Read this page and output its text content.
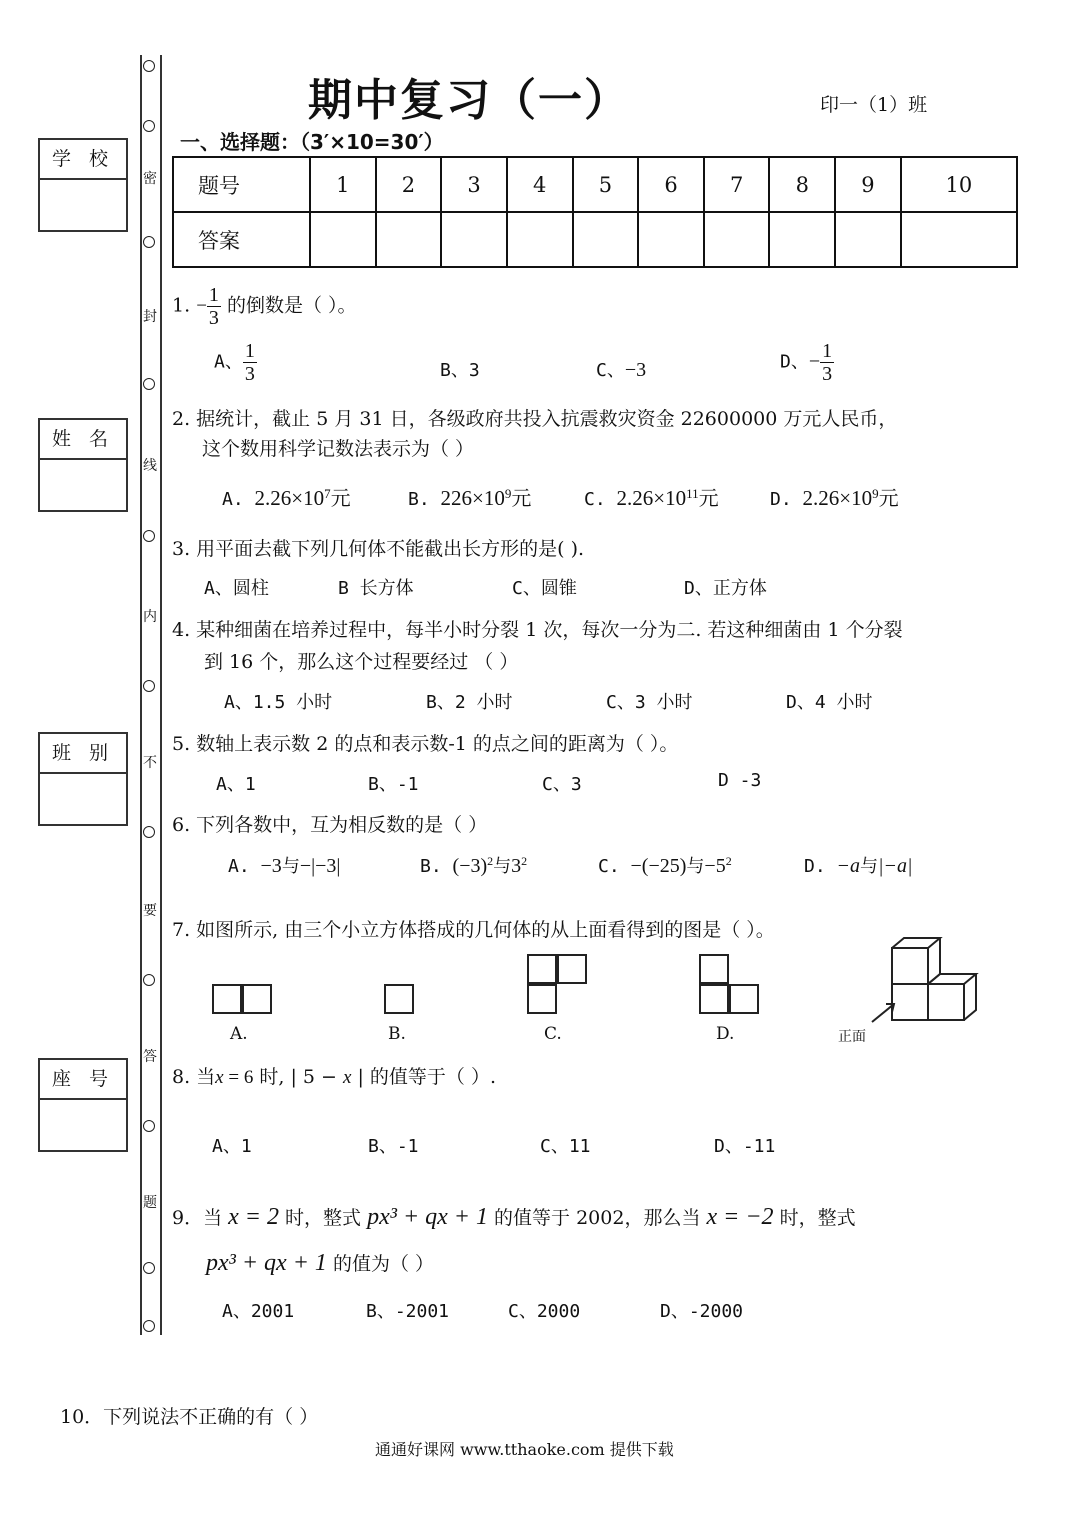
期中复习（一）	印一（1）班
一、选择题：（3′×10=30′）
题号	1	2	3	4	5	6	7	8	9	10
答案										
学 校
姓 名
班 别
座 号
密
封
线
内
不
要
答
题
1. − $\frac{1}{3}$ 的倒数是（ ）。
A、 $\frac{1}{3}$	B、3	C、−3	D、− $\frac{1}{3}$
2. 据统计，截止 5 月 31 日，各级政府共投入抗震救灾资金 22600000 万元人民币，
这个数用科学记数法表示为（ ）
A. $2.26\times 10^7$元	B. $226\times 10^9$元	C. $2.26\times 10^{11}$元	D. $2.26\times 10^9$元
3. 用平面去截下列几何体不能截出长方形的是( ).
A、圆柱	B 长方体	C、圆锥	D、正方体
4. 某种细菌在培养过程中，每半小时分裂 1 次，每次一分为二. 若这种细菌由 1 个分裂
到 16 个，那么这个过程要经过 （ ）
A、1.5 小时	B、2 小时	C、3 小时	D、4 小时
5. 数轴上表示数 2 的点和表示数-1 的点之间的距离为（ ）。
A、1	B、-1	C、3	D -3
6. 下列各数中，互为相反数的是（ ）
A. −3与−|−3|	B. $(-3)^2$与$3^2$	C. −(−25)与$-5^2$	D. −a与|−a|
7. 如图所示, 由三个小立方体搭成的几何体的从上面看得到的图是（ ）。
A.	B.	C.	D.	正面
8. 当x = 6 时, | 5 − x | 的值等于（ ）.
A、1	B、-1	C、11	D、-11
9．当 x = 2 时，整式 px³ + qx + 1 的值等于 2002，那么当 x = −2 时，整式
px³ + qx + 1 的值为（ ）
A、2001	B、-2001	C、2000	D、-2000
10．下列说法不正确的有（ ）
通通好课网 www.tthaoke.com 提供下载
